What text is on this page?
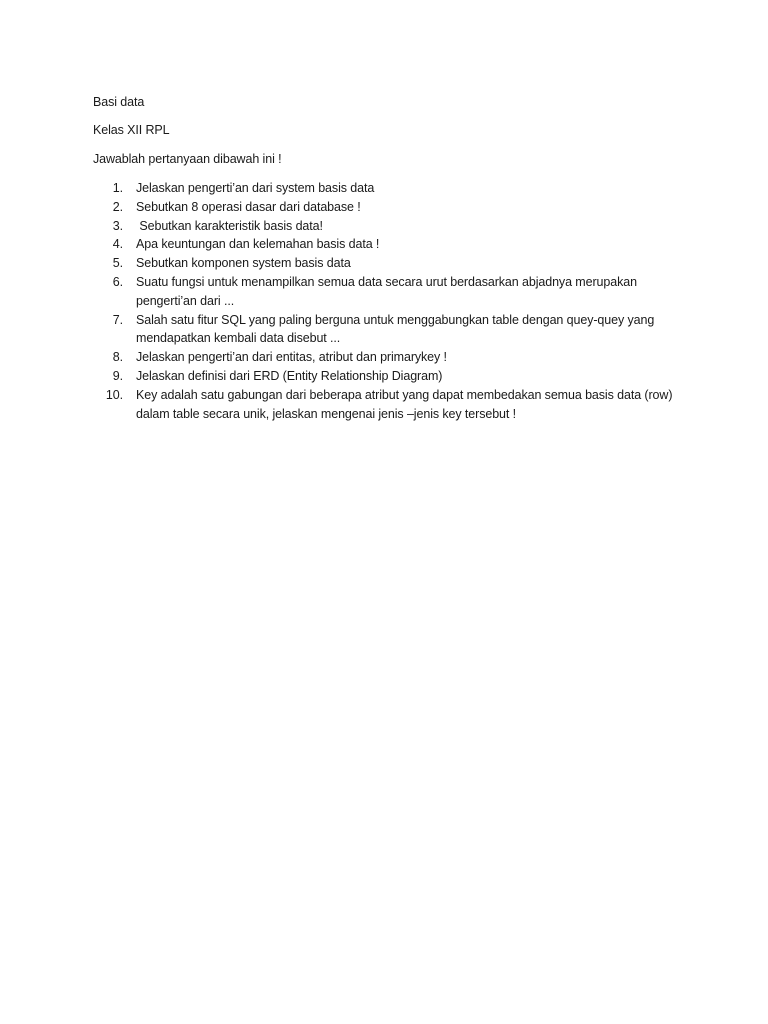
Basi data
Kelas XII RPL
Jawablah pertanyaan dibawah ini !
1. Jelaskan pengerti’an dari system basis data
2. Sebutkan 8 operasi dasar dari database !
3. Sebutkan karakteristik basis data!
4. Apa keuntungan dan kelemahan basis data !
5. Sebutkan komponen system basis data
6. Suatu fungsi untuk menampilkan semua data secara urut berdasarkan abjadnya merupakan pengerti’an dari ...
7. Salah satu fitur SQL yang paling berguna untuk menggabungkan table dengan quey-quey yang mendapatkan kembali data disebut ...
8. Jelaskan pengerti’an dari entitas, atribut dan primarykey !
9. Jelaskan definisi dari ERD (Entity Relationship Diagram)
10. Key adalah satu gabungan dari beberapa atribut yang dapat membedakan semua basis data (row) dalam table secara unik, jelaskan mengenai jenis –jenis key tersebut !
